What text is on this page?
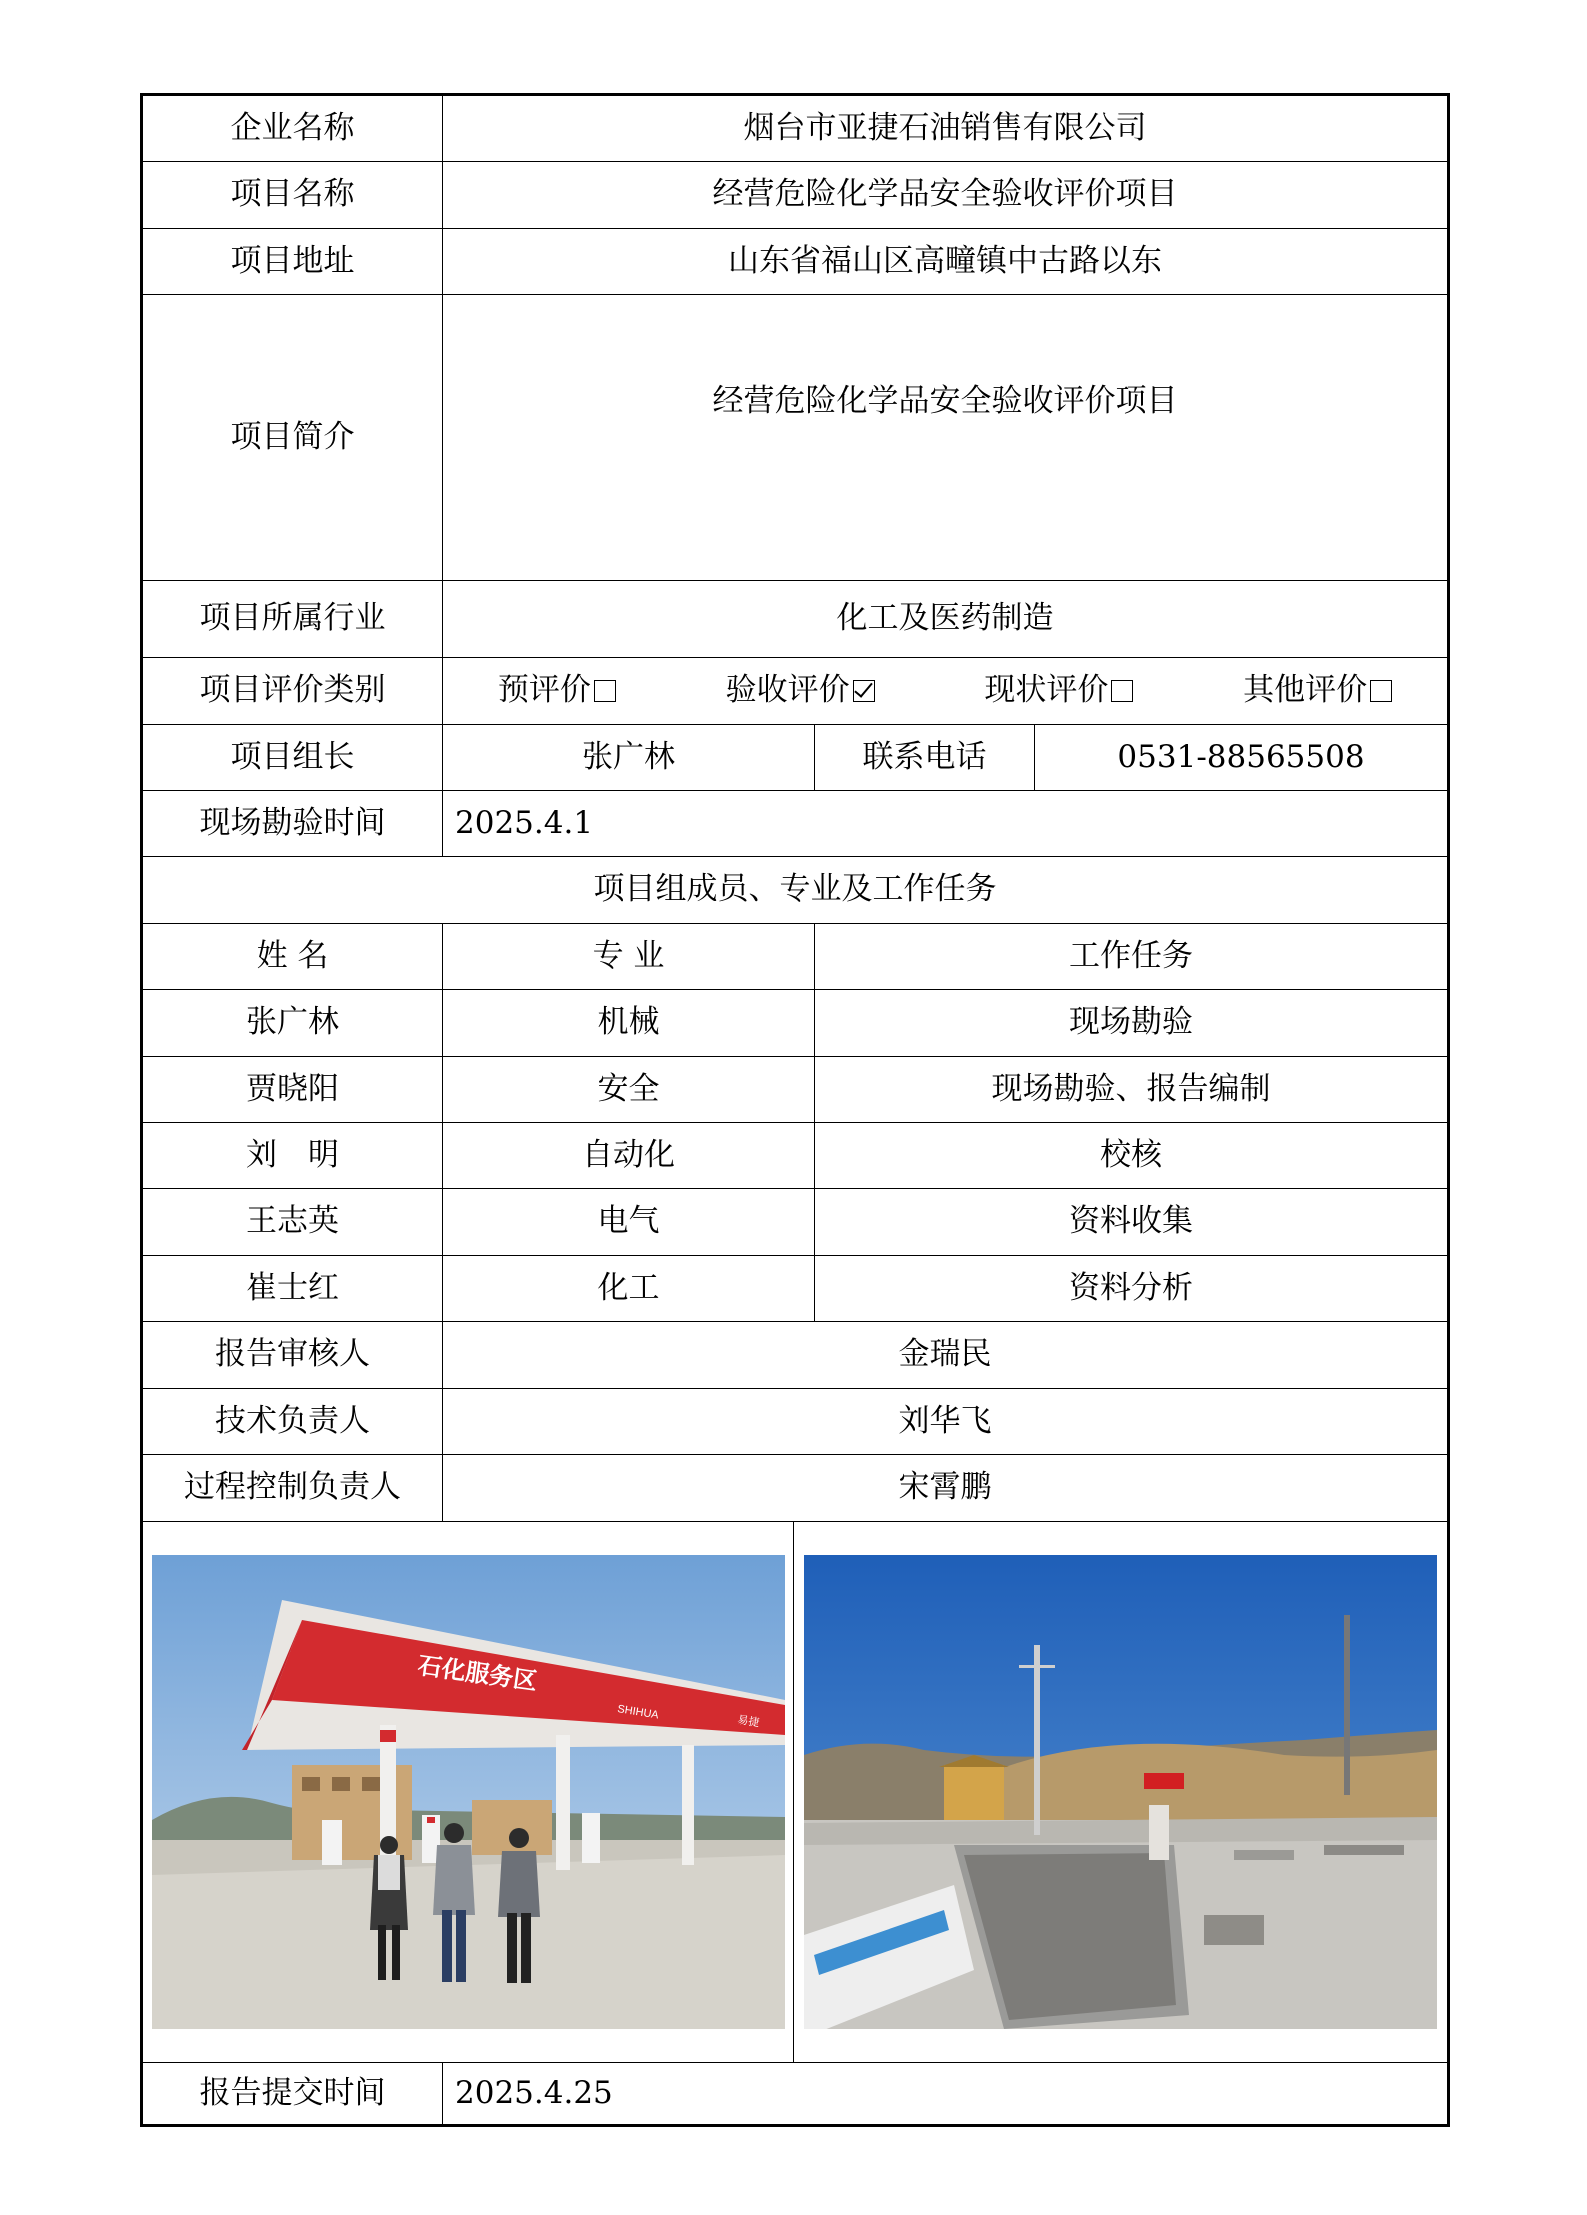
企业名称	烟台市亚捷石油销售有限公司		
项目名称	经营危险化学品安全验收评价项目		
项目地址	山东省福山区高疃镇中古路以东		
项目简介	经营危险化学品安全验收评价项目		
项目所属行业	化工及医药制造		
项目评价类别	预评价 验收评价 现状评价 其他评价		

项目组长	张广林	联系电话	0531-88565508
现场勘验时间	2025.4.1		
项目组成员、专业及工作任务			
姓 名	专 业	工作任务	
张广林	机械	现场勘验	
贾晓阳	安全	现场勘验、报告编制	
刘　明	自动化	校核	
王志英	电气	资料收集	
崔士红	化工	资料分析	
报告审核人	金瑞民		
技术负责人	刘华飞		
过程控制负责人	宋霄鹏		

石化服务区
SHIHUA
易捷			

报告提交时间	2025.4.25		
